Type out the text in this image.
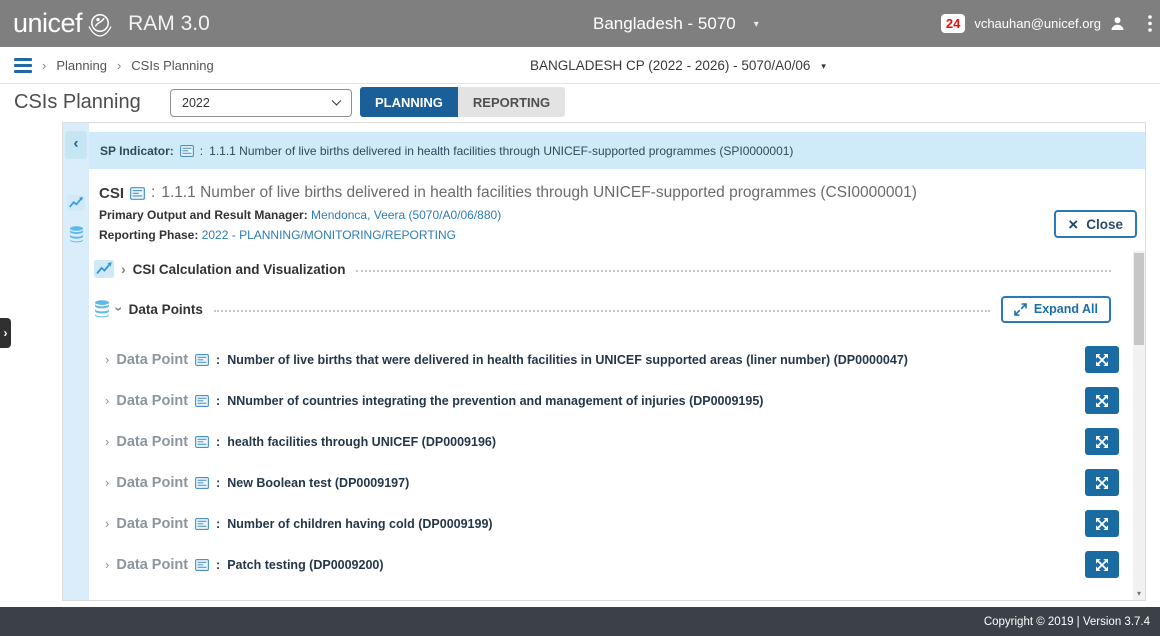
unicef RAM 3.0	Bangladesh - 5070 ▾	24	vchauhan@unicef.org
› Planning › CSIs Planning	BANGLADESH CP (2022 - 2026) - 5070/A0/06 ▾
CSIs Planning	2022	PLANNING	REPORTING
›	SP Indicator: : 1.1.1 Number of live births delivered in health facilities through UNICEF-supported programmes (SPI0000001)
CSI : 1.1.1 Number of live births delivered in health facilities through UNICEF-supported programmes (CSI0000001)
Primary Output and Result Manager: Mendonca, Veera (5070/A0/06/880)
Reporting Phase: 2022 - PLANNING/MONITORING/REPORTING
× Close
› CSI Calculation and Visualization
› Data Points	Expand All
› Data Point : Number of live births that were delivered in health facilities in UNICEF supported areas (liner number) (DP0000047)
› Data Point : NNumber of countries integrating the prevention and management of injuries (DP0009195)
› Data Point : health facilities through UNICEF (DP0009196)
› Data Point : New Boolean test (DP0009197)
› Data Point : Number of children having cold (DP0009199)
› Data Point : Patch testing (DP0009200)
▾
›
Copyright © 2019 | Version 3.7.4
